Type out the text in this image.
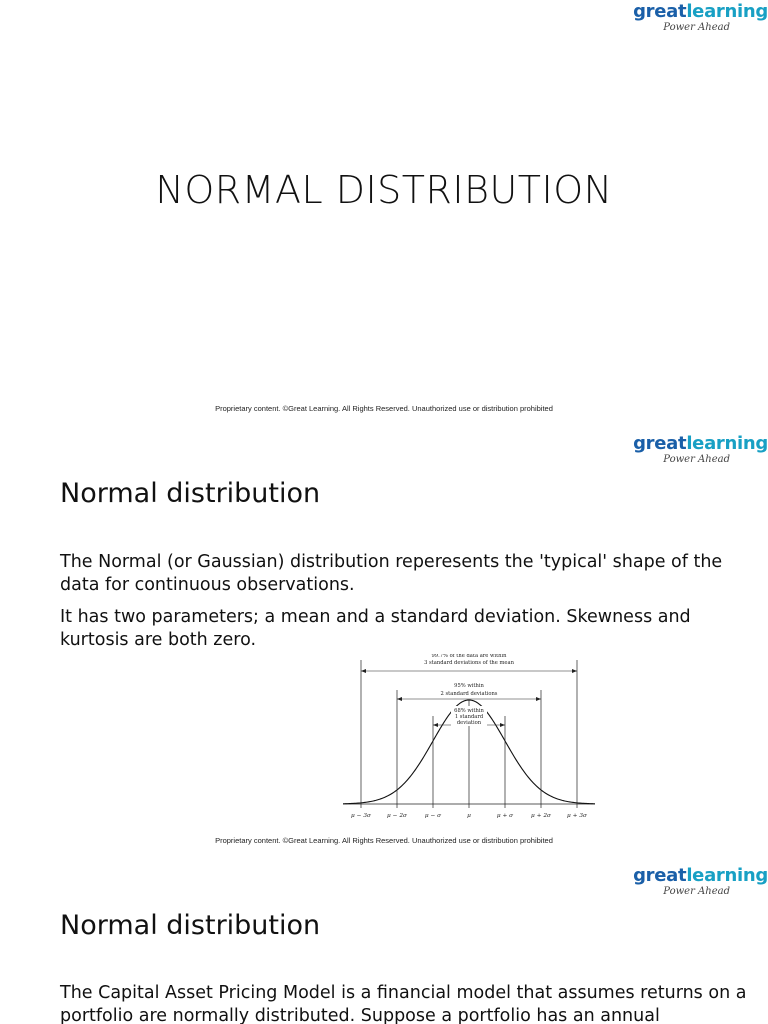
greatlearning
Power Ahead
NORMAL DISTRIBUTION
Proprietary content. ©Great Learning. All Rights Reserved. Unauthorized use or distribution prohibited
greatlearning
Power Ahead
Normal distribution
The Normal (or Gaussian) distribution reperesents the 'typical' shape of the data for continuous observations.
It has two parameters; a mean and a standard deviation. Skewness and kurtosis are both zero.
μ − 3σ	μ − 2σ	μ − σ	μ	μ + σ	μ + 2σ	μ + 3σ
99.7% of the data are within
3 standard deviations of the mean
95% within
2 standard deviations
68% within
1 standard
deviation
Proprietary content. ©Great Learning. All Rights Reserved. Unauthorized use or distribution prohibited
greatlearning
Power Ahead
Normal distribution
The Capital Asset Pricing Model is a financial model that assumes returns on a portfolio are normally distributed. Suppose a portfolio has an annual
